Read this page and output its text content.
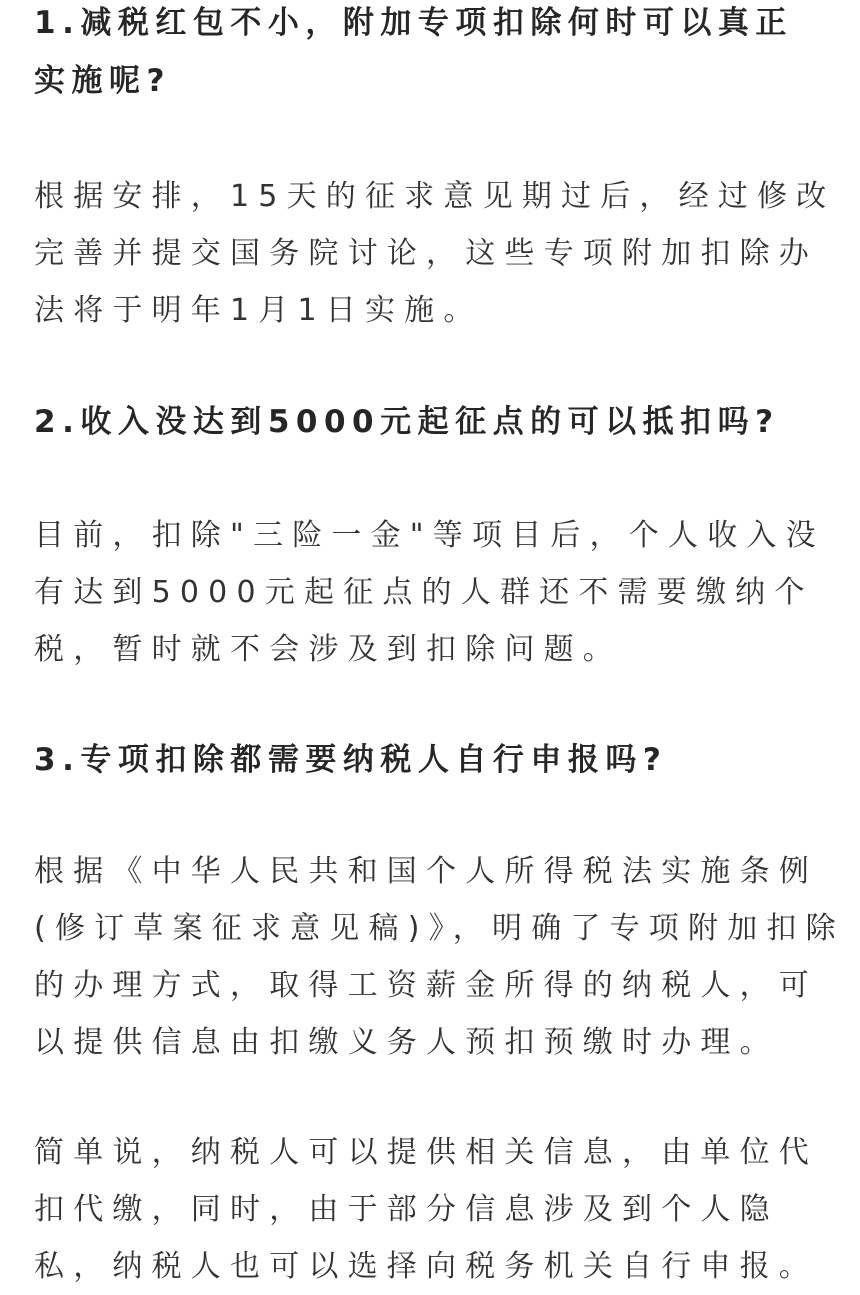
1.减税红包不小，附加专项扣除何时可以真正
实施呢?

根据安排，15天的征求意见期过后，经过修改
完善并提交国务院讨论，这些专项附加扣除办
法将于明年1月1日实施。

2.收入没达到5000元起征点的可以抵扣吗?

目前，扣除"三险一金"等项目后，个人收入没
有达到5000元起征点的人群还不需要缴纳个
税，暂时就不会涉及到扣除问题。

3.专项扣除都需要纳税人自行申报吗?

根据《中华人民共和国个人所得税法实施条例
(修订草案征求意见稿)》，明确了专项附加扣除
的办理方式，取得工资薪金所得的纳税人，可
以提供信息由扣缴义务人预扣预缴时办理。

简单说，纳税人可以提供相关信息，由单位代
扣代缴，同时，由于部分信息涉及到个人隐
私，纳税人也可以选择向税务机关自行申报。
